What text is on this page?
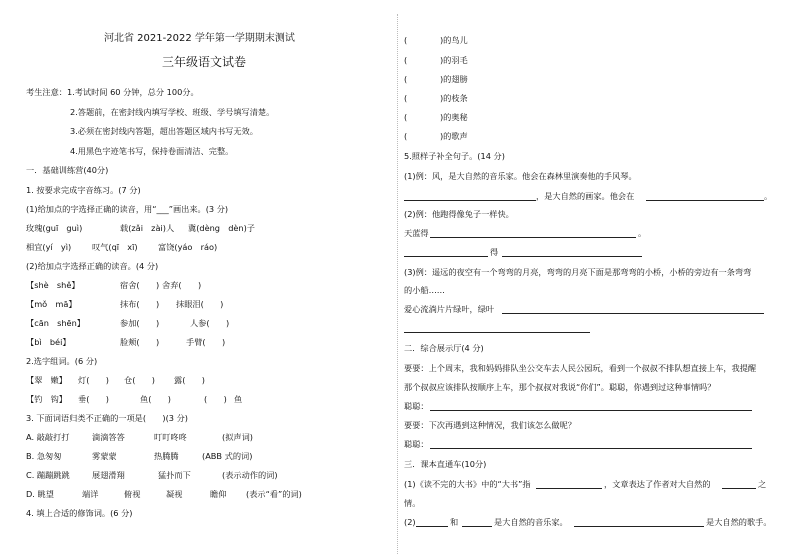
河北省 2021-2022 学年第一学期期末测试
三年级语文试卷
考生注意：1.考试时间 60 分钟，总分 100分。
2.答题前，在密封线内填写学校、班级、学号填写清楚。
3.必须在密封线内答题，超出答题区域内书写无效。
4.用黑色字迹笔书写，保持卷面清洁、完整。
一．基础训练营(40分)
1. 按要求完成字音练习。(7 分)
(1)给加点的字选择正确的读音，用“___”画出来。(3 分)
玫瑰(guī　guì)	载(zǎi　zài)人 冀(dèng　dèn)子
相宜(yí　yì)	叹气(qī　xī) 富饶(yáo　ráo)
(2)给加点字选择正确的读音。(4 分)
【shè　shě】	宿舍(　　) 舍弃(　　)
【mǒ　mā】	抹布(　　) 抹眼泪(　　)
【cān　shēn】	参加(　　)	人参(　　)
【bì　béi】	脸颊(　　)	手臂(　　)
2.选字组词。(6 分)
【翠　嫩】 灯(　　) 仓(　　) 露(　　)
【钓　钩】 垂(　　)	鱼(　　)	(　　) 鱼
3. 下面词语归类不正确的一项是(　　)(3 分)
A. 敲敲打打	滴滴答答	叮叮咚咚	(拟声词)
B. 急匆匆	雾蒙蒙	热腾腾	(ABB 式的词)
C. 蹦蹦跳跳	展翅滑翔	猛扑而下	(表示动作的词)
D. 眺望	端详	俯视	凝视	瞻仰 (表示“看”的词)
4. 填上合适的修饰词。(6 分)
(　　　　)的鸟儿
(　　　　)的羽毛
(　　　　)的翅膀
(　　　　)的枝条
(　　　　)的奥秘
(　　　　)的歌声
5.照样子补全句子。(14 分)
(1)例：风，是大自然的音乐家。他会在森林里演奏他的手风琴。
，是大自然的画家。他会在	。
(2)例：他跑得像兔子一样快。
天蓝得	。
得
(3)例：遥远的夜空有一个弯弯的月亮，弯弯的月亮下面是那弯弯的小桥，小桥的旁边有一条弯弯
的小船……
爱心流淌片片绿叶，绿叶
二．综合展示厅(4 分)
要要：上个周末，我和妈妈排队坐公交车去人民公园玩，看到一个叔叔不排队想直接上车，我提醒
那个叔叔应该排队按顺序上车，那个叔叔对我说“你们”。聪聪，你遇到过这种事情吗？
聪聪：
要要：下次再遇到这种情况，我们该怎么做呢？
聪聪：
三．课本直通车(10分)
(1)《读不完的大书》中的“大书”指	，文章表达了作者对大自然的	之
情。
(2)	和	是大自然的音乐家。	是大自然的歌手。
